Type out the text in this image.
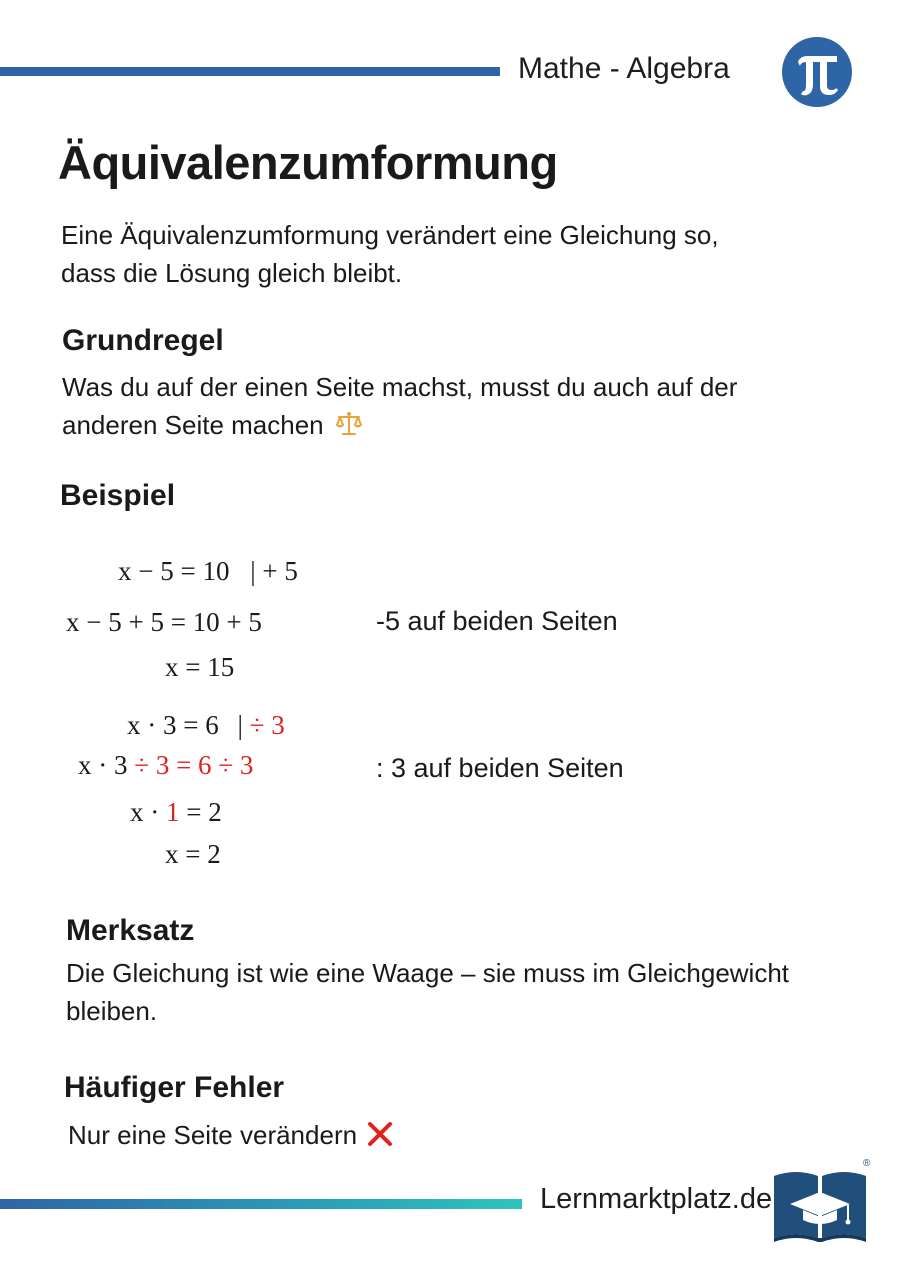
Mathe - Algebra
Äquivalenzumformung
Eine Äquivalenzumformung verändert eine Gleichung so,
dass die Lösung gleich bleibt.
Grundregel
Was du auf der einen Seite machst, musst du auch auf der
anderen Seite machen
Beispiel
x − 5 = 10 | + 5
x − 5 + 5 = 10 + 5
x = 15
-5 auf beiden Seiten
x · 3 = 6 | ÷ 3
x · 3 ÷ 3 = 6 ÷ 3
x · 1 = 2
x = 2
: 3 auf beiden Seiten
Merksatz
Die Gleichung ist wie eine Waage – sie muss im Gleichgewicht
bleiben.
Häufiger Fehler
Nur eine Seite verändern
Lernmarktplatz.de
®
